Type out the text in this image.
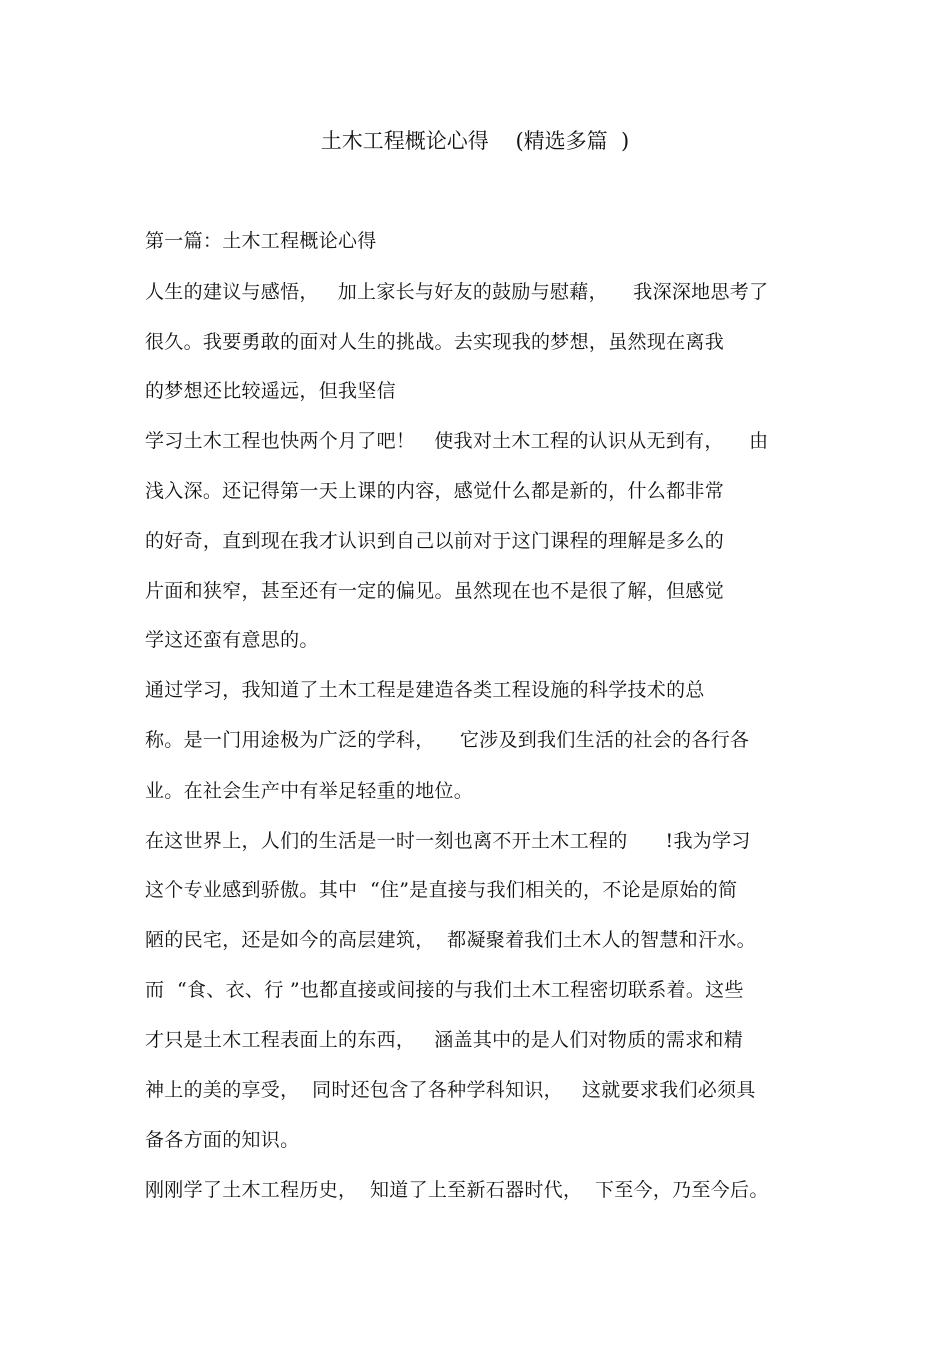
土木工程概论心得    (精选多篇  )
第一篇：土木工程概论心得
人生的建议与感悟，   加上家长与好友的鼓励与慰藉，    我深深地思考了
很久。我要勇敢的面对人生的挑战。去实现我的梦想，虽然现在离我
的梦想还比较遥远，但我坚信
学习土木工程也快两个月了吧！   使我对土木工程的认识从无到有，    由
浅入深。还记得第一天上课的内容，感觉什么都是新的，什么都非常
的好奇，直到现在我才认识到自己以前对于这门课程的理解是多么的
片面和狭窄，甚至还有一定的偏见。虽然现在也不是很了解，但感觉
学这还蛮有意思的。
通过学习，我知道了土木工程是建造各类工程设施的科学技术的总
称。是一门用途极为广泛的学科，    它涉及到我们生活的社会的各行各
业。在社会生产中有举足轻重的地位。
在这世界上，人们的生活是一时一刻也离不开土木工程的      !我为学习
这个专业感到骄傲。其中  “住”是直接与我们相关的，不论是原始的简
陋的民宅，还是如今的高层建筑，  都凝聚着我们土木人的智慧和汗水。
而  “食、衣、行 ”也都直接或间接的与我们土木工程密切联系着。这些
才只是土木工程表面上的东西，   涵盖其中的是人们对物质的需求和精
神上的美的享受，  同时还包含了各种学科知识，   这就要求我们必须具
备各方面的知识。
刚刚学了土木工程历史，  知道了上至新石器时代，  下至今，乃至今后。
